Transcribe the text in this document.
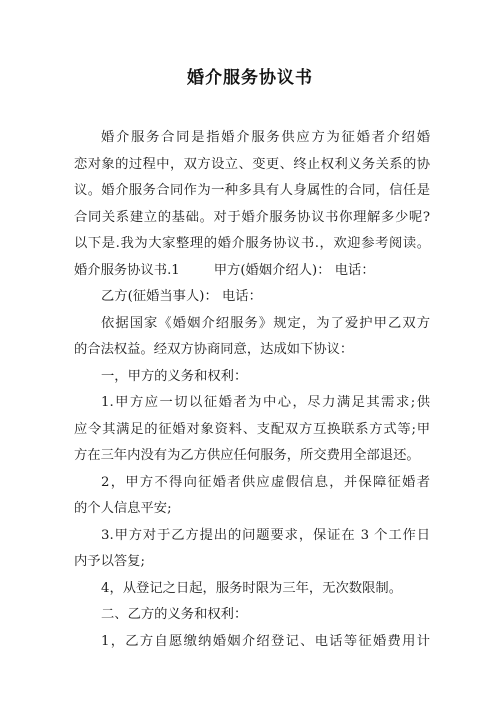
婚介服务协议书
婚介服务合同是指婚介服务供应方为征婚者介绍婚
恋对象的过程中，双方设立、变更、终止权利义务关系的协
议。婚介服务合同作为一种多具有人身属性的合同，信任是
合同关系建立的基础。对于婚介服务协议书你理解多少呢?
以下是.我为大家整理的婚介服务协议书.，欢迎参考阅读。
婚介服务协议书.1	甲方(婚姻介绍人)： 电话：
乙方(征婚当事人)： 电话：
依据国家《婚姻介绍服务》规定，为了爱护甲乙双方
的合法权益。经双方协商同意，达成如下协议：
一，甲方的义务和权利：
1.甲方应一切以征婚者为中心，尽力满足其需求;供
应令其满足的征婚对象资料、支配双方互换联系方式等;甲
方在三年内没有为乙方供应任何服务，所交费用全部退还。
2，甲方不得向征婚者供应虚假信息，并保障征婚者
的个人信息平安;
3.甲方对于乙方提出的问题要求，保证在 3 个工作日
内予以答复;
4，从登记之日起，服务时限为三年，无次数限制。
二、乙方的义务和权利：
1，乙方自愿缴纳婚姻介绍登记、电话等征婚费用计
